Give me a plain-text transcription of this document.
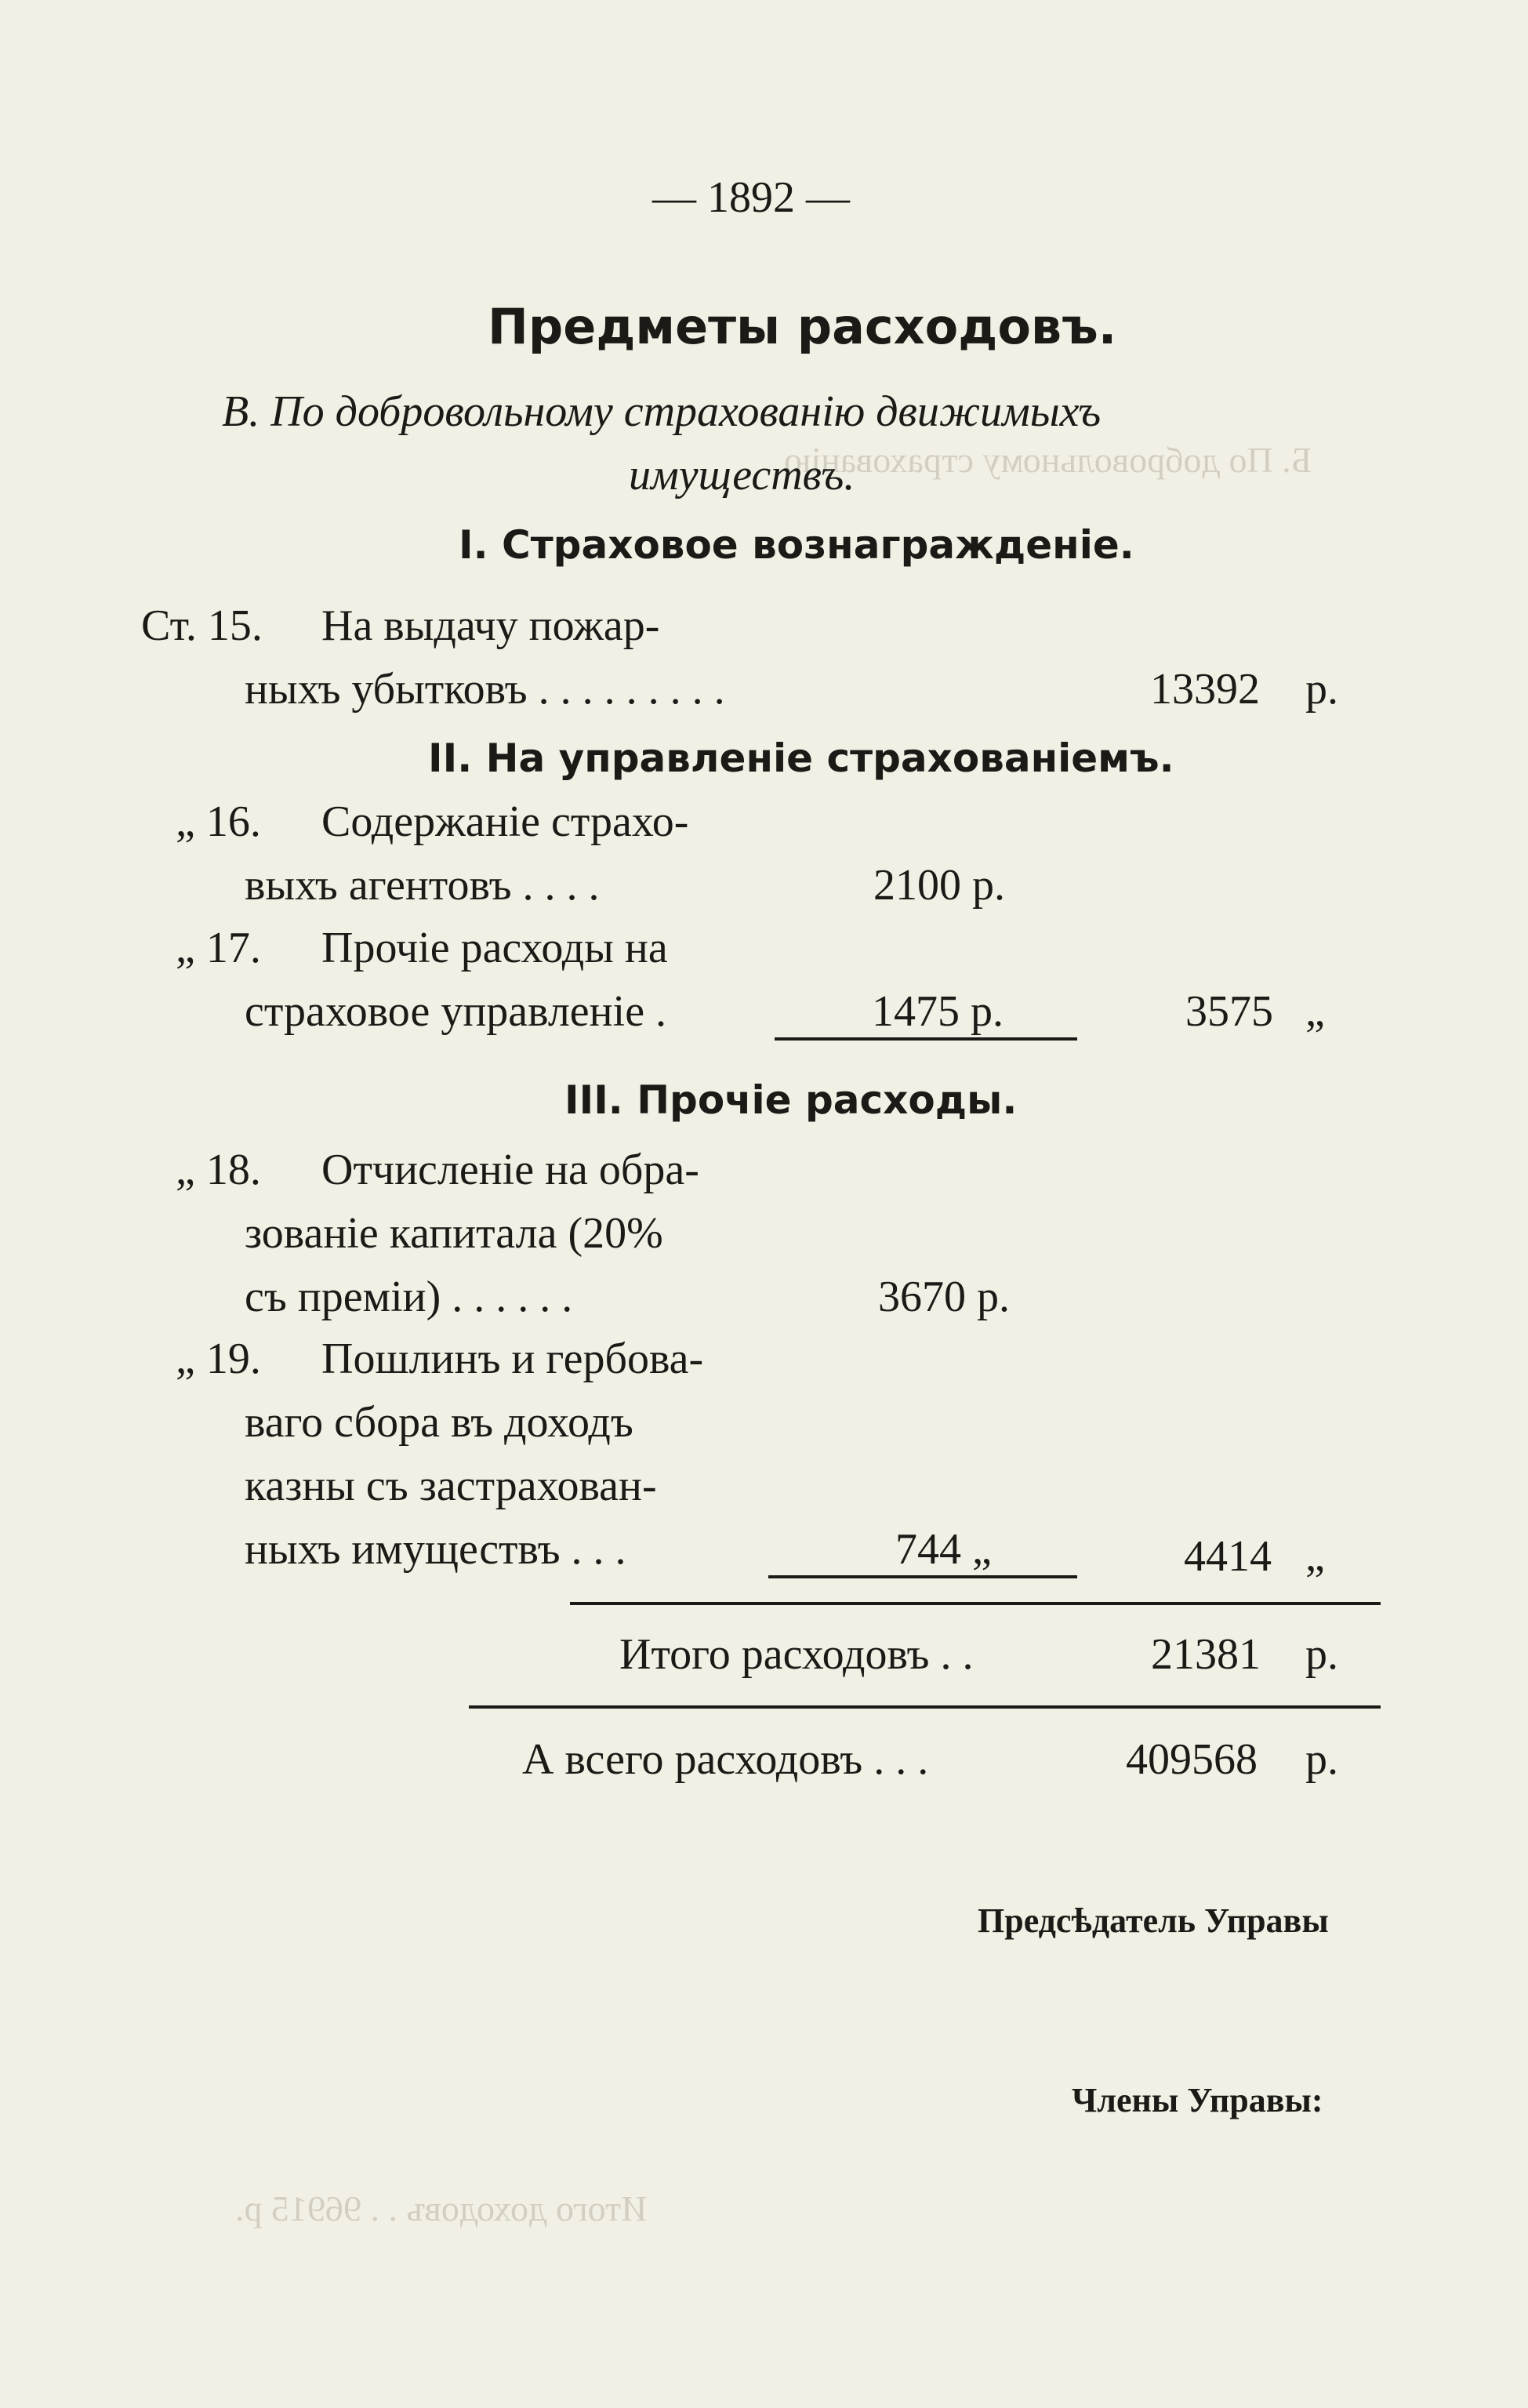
Б. По добровольному страхованію
Итого доходовъ . . 96915 р.
— 1892 —
Предметы расходовъ.
В. По добровольному страхованію движимыхъ
имуществъ.
I. Страховое вознагражденіе.
Ст. 15. На выдачу пожар-
ныхъ убытковъ . . . . . . . . .	13392 р.
II. На управленіе страхованіемъ.
„ 16. Содержаніе страхо-
выхъ агентовъ . . . .	2100 р.
„ 17. Прочіе расходы на
страховое управленіе .	1475 р.	3575 „
III. Прочіе расходы.
„ 18. Отчисленіе на обра-
зованіе капитала (20%
съ преміи) . . . . . .	3670 р.
„ 19. Пошлинъ и гербова-
ваго сбора въ доходъ
казны съ застрахован-
ныхъ имуществъ . . .	744 „	4414 „
Итого расходовъ . .	21381 р.
А всего расходовъ . . .	409568 р.
Предсѣдатель Управы
Члены Управы:
